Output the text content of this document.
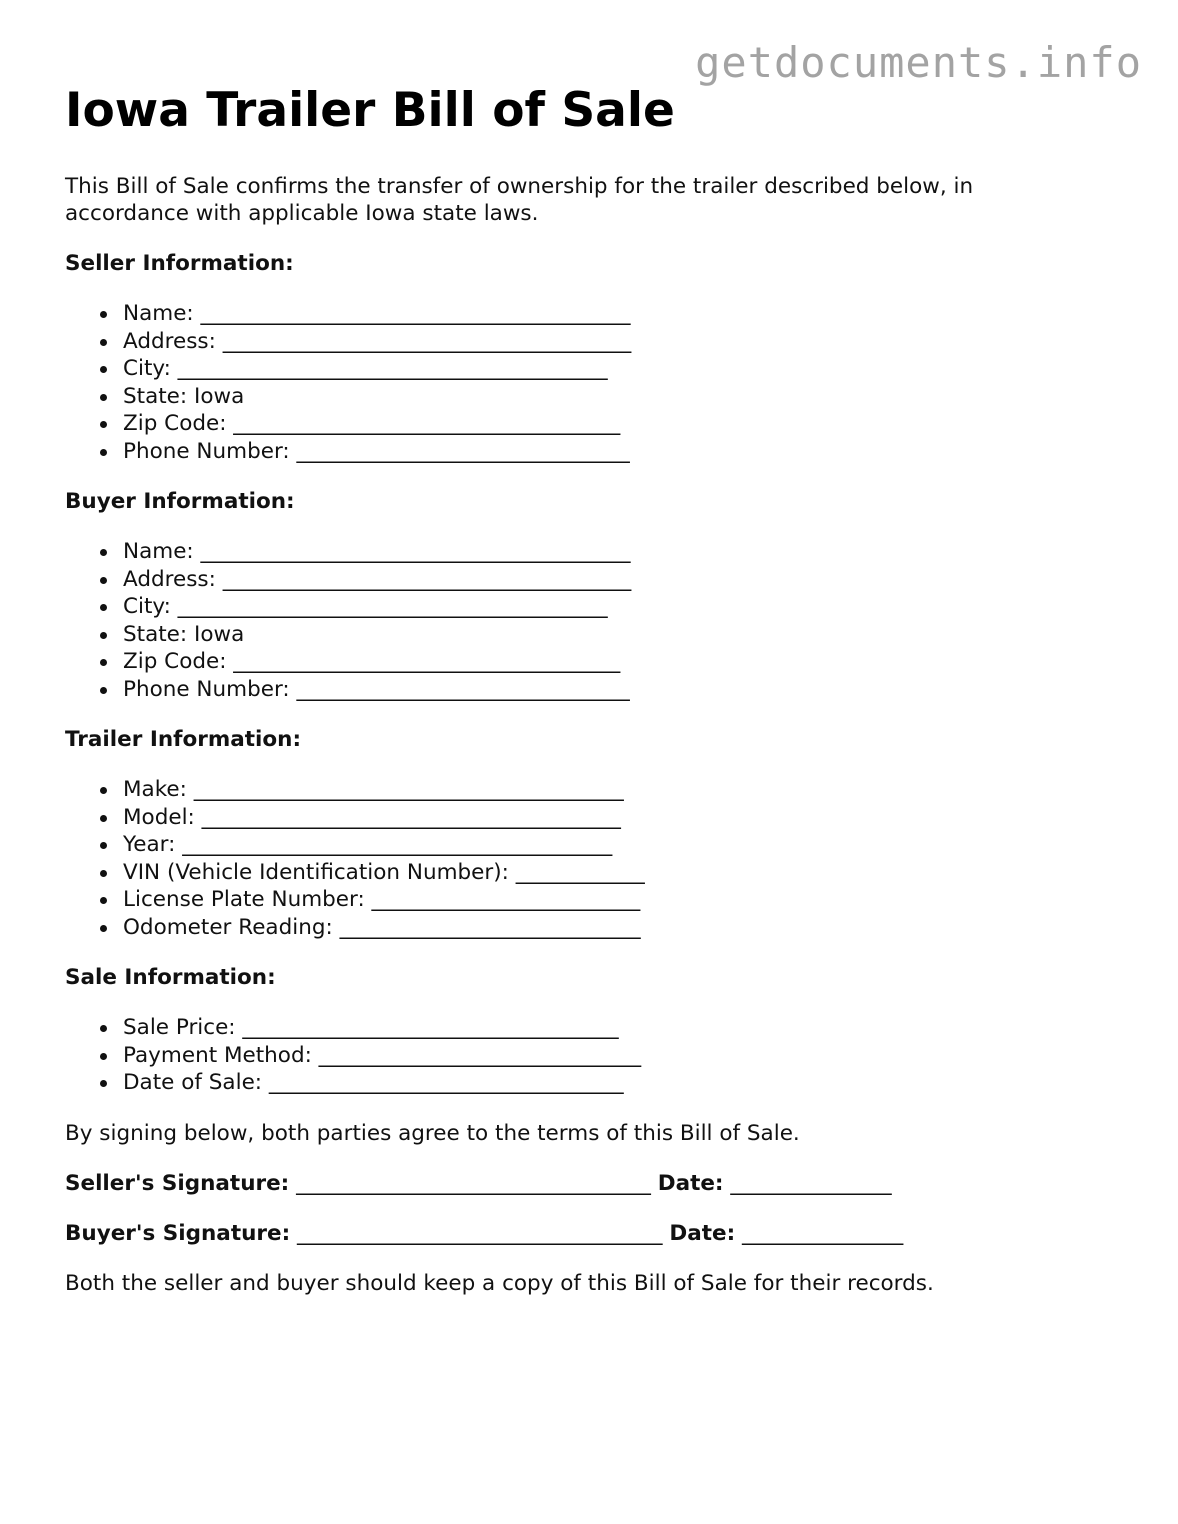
getdocuments.info
Iowa Trailer Bill of Sale

This Bill of Sale confirms the transfer of ownership for the trailer described below, in

accordance with applicable Iowa state laws.

Seller Information:
Name: ________________________________________
Address: ______________________________________
City: ________________________________________
State: Iowa
Zip Code: ____________________________________
Phone Number: _______________________________
Buyer Information:
Name: ________________________________________
Address: ______________________________________
City: ________________________________________
State: Iowa
Zip Code: ____________________________________
Phone Number: _______________________________
Trailer Information:
Make: ________________________________________
Model: _______________________________________
Year: ________________________________________
VIN (Vehicle Identification Number): ____________
License Plate Number: _________________________
Odometer Reading: ____________________________
Sale Information:
Sale Price: ___________________________________
Payment Method: ______________________________
Date of Sale: _________________________________

By signing below, both parties agree to the terms of this Bill of Sale.

Seller's Signature: _________________________________ Date: _______________
Buyer's Signature: __________________________________ Date: _______________

Both the seller and buyer should keep a copy of this Bill of Sale for their records.
